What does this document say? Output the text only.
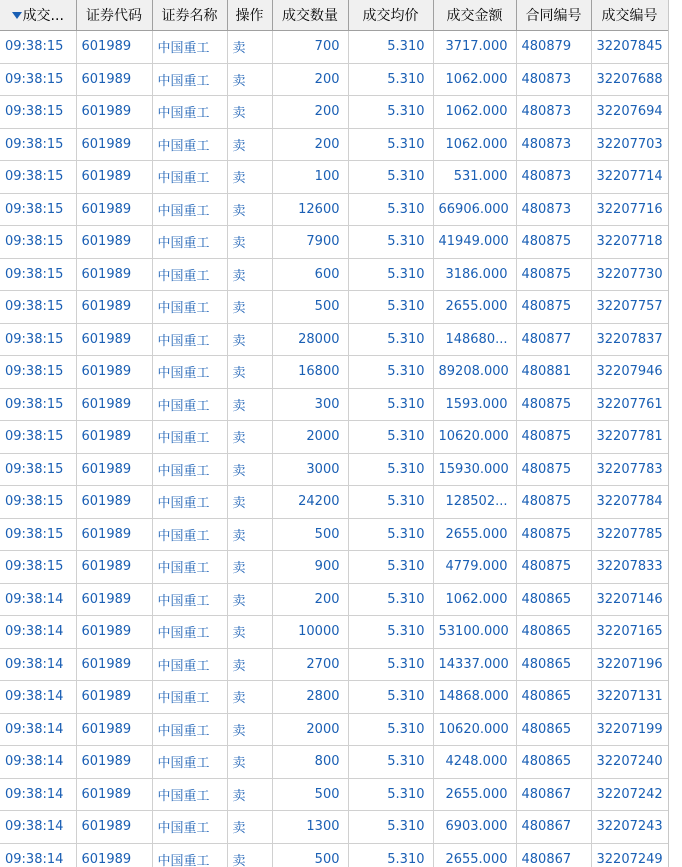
成交...	证券代码	证券名称	操作	成交数量	成交均价	成交金额	合同编号	成交编号
09:38:15	601989	中国重工	卖	700	5.310	3717.000	480879	32207845
09:38:15	601989	中国重工	卖	200	5.310	1062.000	480873	32207688
09:38:15	601989	中国重工	卖	200	5.310	1062.000	480873	32207694
09:38:15	601989	中国重工	卖	200	5.310	1062.000	480873	32207703
09:38:15	601989	中国重工	卖	100	5.310	531.000	480873	32207714
09:38:15	601989	中国重工	卖	12600	5.310	66906.000	480873	32207716
09:38:15	601989	中国重工	卖	7900	5.310	41949.000	480875	32207718
09:38:15	601989	中国重工	卖	600	5.310	3186.000	480875	32207730
09:38:15	601989	中国重工	卖	500	5.310	2655.000	480875	32207757
09:38:15	601989	中国重工	卖	28000	5.310	148680...	480877	32207837
09:38:15	601989	中国重工	卖	16800	5.310	89208.000	480881	32207946
09:38:15	601989	中国重工	卖	300	5.310	1593.000	480875	32207761
09:38:15	601989	中国重工	卖	2000	5.310	10620.000	480875	32207781
09:38:15	601989	中国重工	卖	3000	5.310	15930.000	480875	32207783
09:38:15	601989	中国重工	卖	24200	5.310	128502...	480875	32207784
09:38:15	601989	中国重工	卖	500	5.310	2655.000	480875	32207785
09:38:15	601989	中国重工	卖	900	5.310	4779.000	480875	32207833
09:38:14	601989	中国重工	卖	200	5.310	1062.000	480865	32207146
09:38:14	601989	中国重工	卖	10000	5.310	53100.000	480865	32207165
09:38:14	601989	中国重工	卖	2700	5.310	14337.000	480865	32207196
09:38:14	601989	中国重工	卖	2800	5.310	14868.000	480865	32207131
09:38:14	601989	中国重工	卖	2000	5.310	10620.000	480865	32207199
09:38:14	601989	中国重工	卖	800	5.310	4248.000	480865	32207240
09:38:14	601989	中国重工	卖	500	5.310	2655.000	480867	32207242
09:38:14	601989	中国重工	卖	1300	5.310	6903.000	480867	32207243
09:38:14	601989	中国重工	卖	500	5.310	2655.000	480867	32207249
